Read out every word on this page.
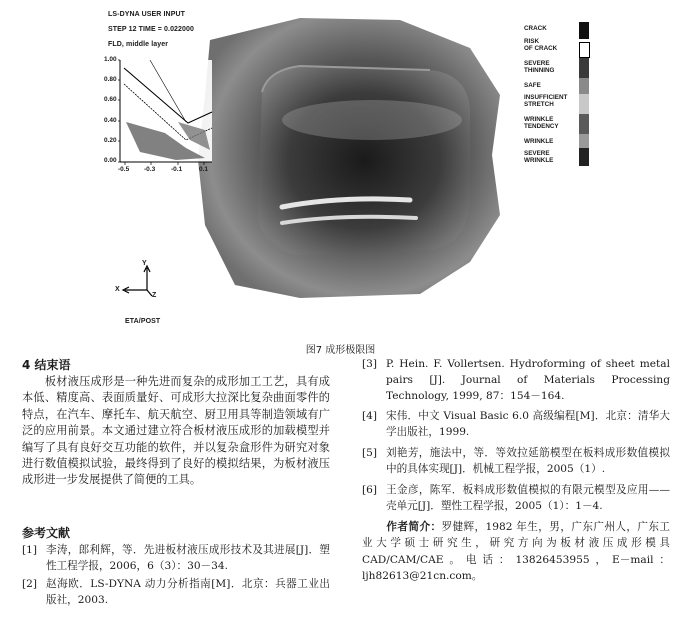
LS-DYNA USER INPUT
STEP 12 TIME = 0.022000
FLD, middle layer
1.00
0.80
0.60
0.40
0.20
0.00
-0.5 -0.3 -0.1	0.1
CRACK
RISK
OF CRACK
SEVERE
THINNING
SAFE
INSUFFICIENT
STRETCH
WRINKLE
TENDENCY
WRINKLE
SEVERE
WRINKLE
Y
X
Z
ETA/POST
图7 成形极限图
4 结束语
　　板材液压成形是一种先进而复杂的成形加工工艺，具有成本低、精度高、表面质量好、可成形大拉深比复杂曲面零件的特点，在汽车、摩托车、航天航空、厨卫用具等制造领域有广泛的应用前景。本文通过建立符合板材液压成形的加载模型并编写了具有良好交互功能的软件，并以复杂盒形件为研究对象进行数值模拟试验，最终得到了良好的模拟结果，为板材液压成形进一步发展提供了简便的工具。
参考文献
[1] 李涛，郎利辉，等．先进板材液压成形技术及其进展[J]．塑性工程学报，2006，6（3）：30－34.
[2] 赵海欧．LS-DYNA 动力分析指南[M]．北京：兵器工业出版社，2003.
[3] P. Hein. F. Vollertsen. Hydroforming of sheet metal pairs [J]. Journal of Materials Processing Technology, 1999, 87：154－164.
[4] 宋伟．中文 Visual Basic 6.0 高级编程[M]．北京：清华大学出版社，1999.
[5] 刘艳芳，施法中，等．等效拉延筋模型在板料成形数值模拟中的具体实现[J]．机械工程学报，2005（1）.
[6] 王金彦，陈军．板料成形数值模拟的有限元模型及应用——壳单元[J]．塑性工程学报，2005（1）：1－4.
作者简介：罗健辉，1982 年生，男，广东广州人，广东工业大学硕士研究生，研究方向为板材液压成形模具 CAD/CAM/CAE。电话：13826453955，E－mail：ljh82613@21cn.com。
